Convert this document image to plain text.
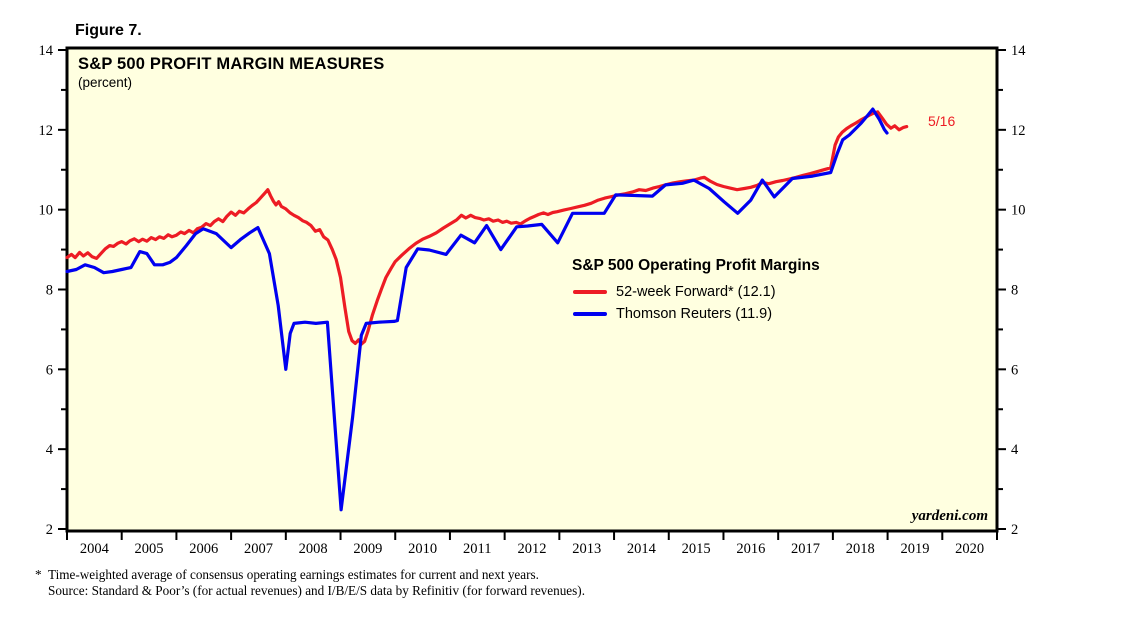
2	2
4	4
6	6
8	8
10	10
12	12
14	14
2004 2005 2006 2007 2008 2009 2010 2011 2012 2013 2014 2015 2016 2017 2018 2019 2020
Figure 7.
S&P 500 PROFIT MARGIN MEASURES
(percent)
S&P 500 Operating Profit Margins
52-week Forward* (12.1)
Thomson Reuters (11.9)
5/16
yardeni.com
* Time-weighted average of consensus operating earnings estimates for current and next years.
Source: Standard & Poor’s (for actual revenues) and I/B/E/S data by Refinitiv (for forward revenues).
